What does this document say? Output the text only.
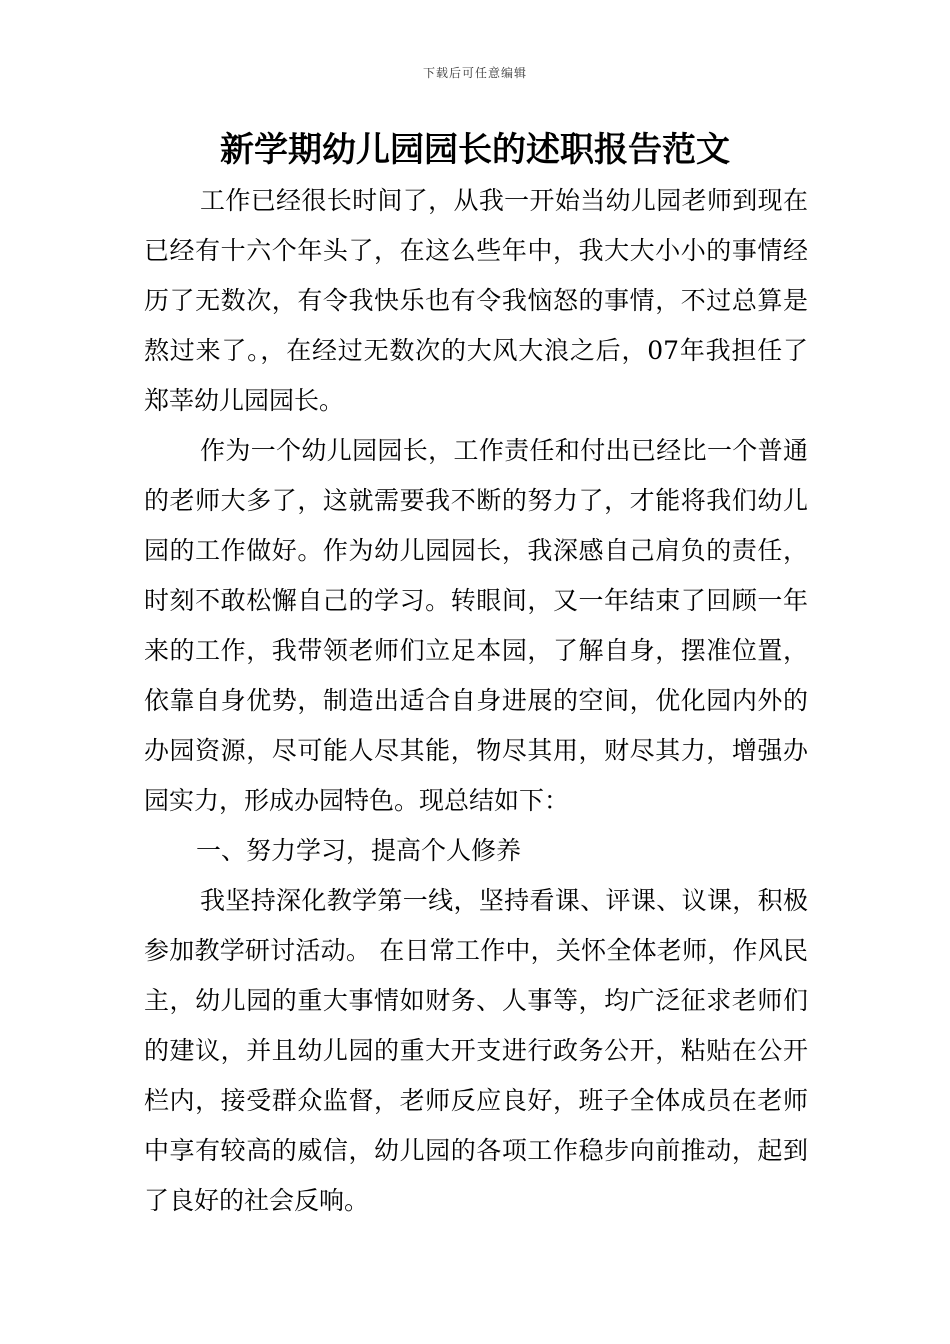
下载后可任意编辑
新学期幼儿园园长的述职报告范文

工作已经很长时间了，从我一开始当幼儿园老师到现在已经有十六个年头了，在这么些年中，我大大小小的事情经历了无数次，有令我快乐也有令我恼怒的事情，不过总算是熬过来了。，在经过无数次的大风大浪之后，07年我担任了郑莘幼儿园园长。

作为一个幼儿园园长，工作责任和付出已经比一个普通的老师大多了，这就需要我不断的努力了，才能将我们幼儿园的工作做好。作为幼儿园园长，我深感自己肩负的责任，时刻不敢松懈自己的学习。转眼间，又一年结束了回顾一年来的工作，我带领老师们立足本园，了解自身，摆准位置，依靠自身优势，制造出适合自身进展的空间，优化园内外的办园资源，尽可能人尽其能，物尽其用，财尽其力，增强办园实力，形成办园特色。现总结如下：

一、努力学习，提高个人修养

我坚持深化教学第一线，坚持看课、评课、议课，积极参加教学研讨活动。 在日常工作中，关怀全体老师，作风民主，幼儿园的重大事情如财务、人事等，均广泛征求老师们的建议，并且幼儿园的重大开支进行政务公开，粘贴在公开栏内，接受群众监督，老师反应良好，班子全体成员在老师中享有较高的威信，幼儿园的各项工作稳步向前推动，起到了良好的社会反响。
